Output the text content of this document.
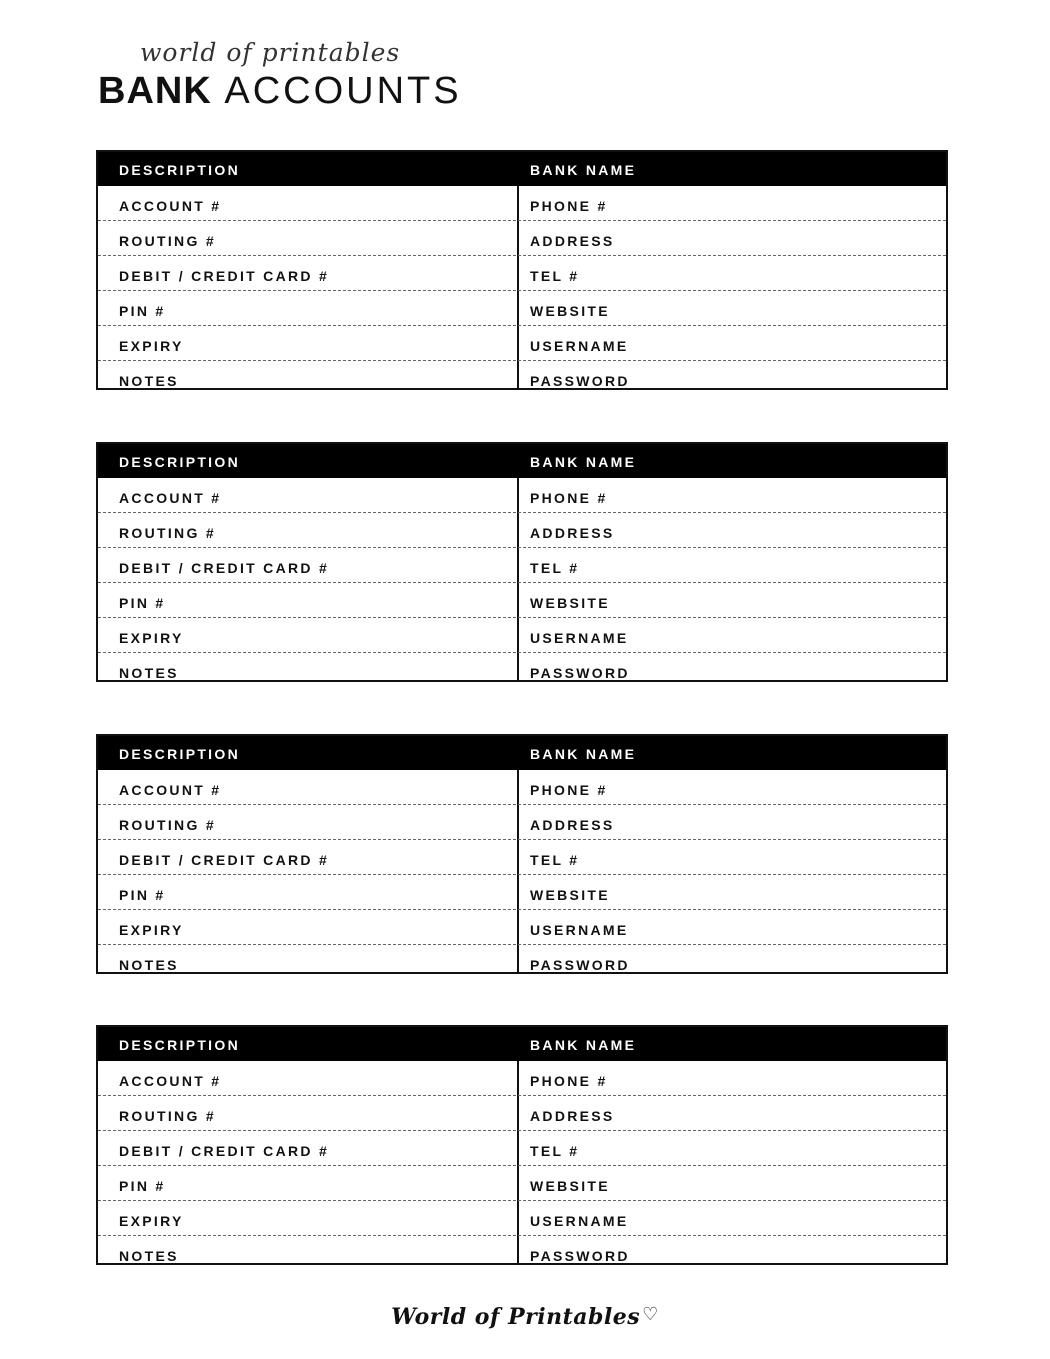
world of printables
BANK ACCOUNTS
DESCRIPTION	BANK NAME
ACCOUNT #	PHONE #
ROUTING #	ADDRESS
DEBIT / CREDIT CARD #	TEL #
PIN #	WEBSITE
EXPIRY	USERNAME
NOTES	PASSWORD
DESCRIPTION	BANK NAME
ACCOUNT #	PHONE #
ROUTING #	ADDRESS
DEBIT / CREDIT CARD #	TEL #
PIN #	WEBSITE
EXPIRY	USERNAME
NOTES	PASSWORD
DESCRIPTION	BANK NAME
ACCOUNT #	PHONE #
ROUTING #	ADDRESS
DEBIT / CREDIT CARD #	TEL #
PIN #	WEBSITE
EXPIRY	USERNAME
NOTES	PASSWORD
DESCRIPTION	BANK NAME
ACCOUNT #	PHONE #
ROUTING #	ADDRESS
DEBIT / CREDIT CARD #	TEL #
PIN #	WEBSITE
EXPIRY	USERNAME
NOTES	PASSWORD
World of Printables ♡
